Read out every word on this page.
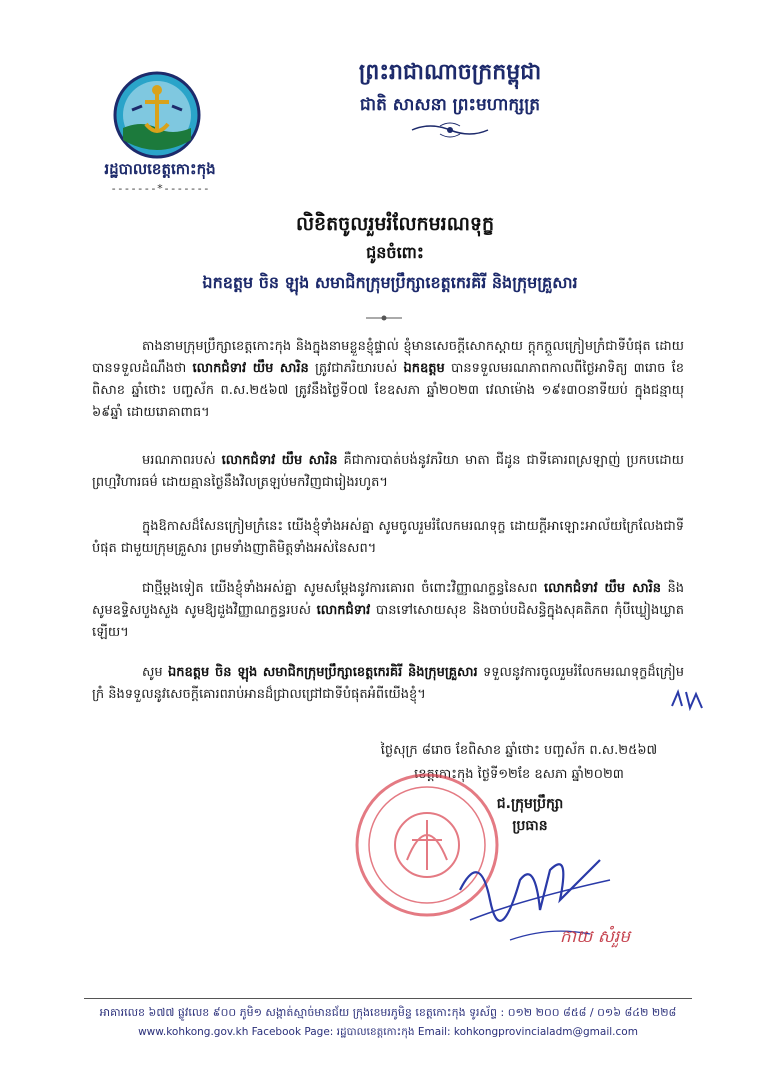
រដ្ឋបាលខេត្តកោះកុង
-------*-------
ព្រះរាជាណាចក្រកម្ពុជា
ជាតិ សាសនា ព្រះមហាក្សត្រ
លិខិតចូលរួមរំលែកមរណទុក្ខ
ជូនចំពោះ
ឯកឧត្តម ចិន ឡុង សមាជិកក្រុមប្រឹក្សាខេត្តកេរគិរី និងក្រុមគ្រួសារ

តាងនាមក្រុមប្រឹក្សាខេត្តកោះកុង និងក្នុងនាមខ្លួនខ្ញុំផ្ទាល់ ខ្ញុំមានសេចក្តីសោកស្តាយ ក្តុកក្តួលក្រៀមក្រំជាទីបំផុត ដោយបានទទួលដំណឹងថា លោកជំទាវ យឹម សារិន ត្រូវជាភរិយារបស់ ឯកឧត្តម បានទទួលមរណភាពកាលពីថ្ងៃអាទិត្យ ៣រោច ខែពិសាខ ឆ្នាំថោះ បញ្ចស័ក ព.ស.២៥៦៧ ត្រូវនឹងថ្ងៃទី០៧ ខែឧសភា ឆ្នាំ២០២៣ វេលាម៉ោង ១៩៖៣០នាទីយប់ ក្នុងជន្មាយុ ៦៩ឆ្នាំ ដោយរោគាពាធ។

មរណភាពរបស់ លោកជំទាវ យឹម សារិន គឺជាការបាត់បង់នូវភរិយា មាតា ជីដូន ជាទីគោរពស្រឡាញ់ ប្រកបដោយព្រហ្មវិហារធម៌ ដោយគ្មានថ្ងៃនឹងវិលត្រឡប់មកវិញជារៀងរហូត។

ក្នុងឱកាសដ៏សែនក្រៀមក្រំនេះ យើងខ្ញុំទាំងអស់គ្នា សូមចូលរួមរំលែកមរណទុក្ខ ដោយក្តីអាឡោះអាល័យក្រៃលែងជាទីបំផុត ជាមួយក្រុមគ្រួសារ ព្រមទាំងញាតិមិត្តទាំងអស់នៃសព។

ជាថ្មីម្តងទៀត យើងខ្ញុំទាំងអស់គ្នា សូមសម្តែងនូវការគោរព ចំពោះវិញ្ញាណក្ខន្ធនៃសព លោកជំទាវ យឹម សារិន និងសូមឧទ្ទិសបួងសួង សូមឱ្យដួងវិញ្ញាណក្ខន្ធរបស់ លោកជំទាវ បានទៅសោយសុខ និងចាប់បដិសន្ធិក្នុងសុគតិភព កុំបីឃ្លៀងឃ្លាតឡើយ។

សូម ឯកឧត្តម ចិន ឡុង សមាជិកក្រុមប្រឹក្សាខេត្តកេរគិរី និងក្រុមគ្រួសារ ទទួលនូវការចូលរួមរំលែកមរណទុក្ខដ៏ក្រៀមក្រំ និងទទួលនូវសេចក្តីគោរពរាប់អានដ៏ជ្រាលជ្រៅជាទីបំផុតអំពីយើងខ្ញុំ។

ថ្ងៃសុក្រ ៨រោច ខែពិសាខ ឆ្នាំថោះ បញ្ចស័ក ព.ស.២៥៦៧
ខេត្តកោះកុង ថ្ងៃទី១២ខែ ឧសភា ឆ្នាំ២០២៣
ជ.ក្រុមប្រឹក្សា
ប្រធាន
កាយ សំរួម
អាគារលេខ ៦៧៧ ផ្លូវលេខ ៩០០ ភូមិ១ សង្កាត់ស្មាច់មានជ័យ ក្រុងខេមរភូមិន្ទ ខេត្តកោះកុង ទូរស័ព្ទ : ០១២ ២០០ ៨៥៨ / ០១៦ ៨៤២ ២២៨
www.kohkong.gov.kh Facebook Page: រដ្ឋបាលខេត្តកោះកុង Email: kohkongprovincialadm@gmail.com
